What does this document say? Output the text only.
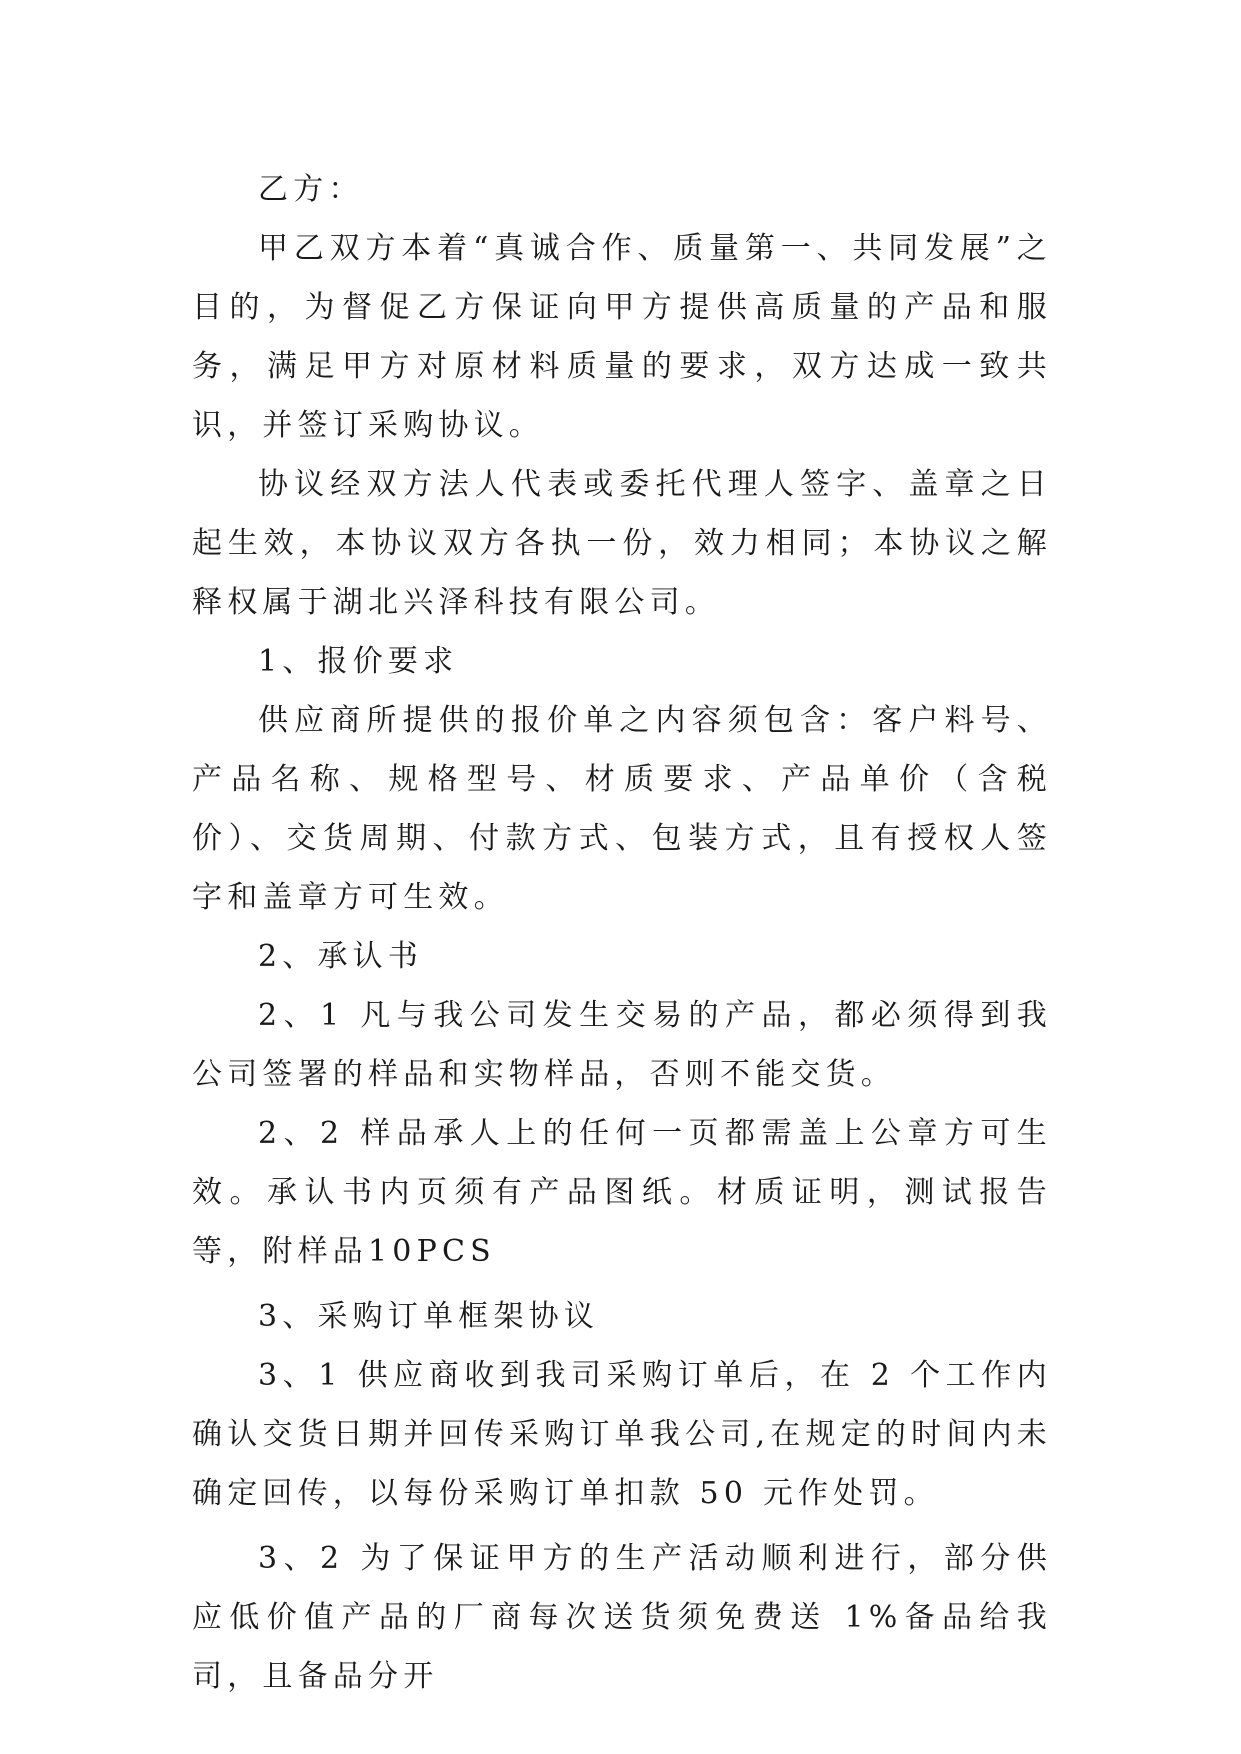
乙方：

甲乙双方本着“真诚合作、质量第一、共同发展”之目的，为督促乙方保证向甲方提供高质量的产品和服务，满足甲方对原材料质量的要求，双方达成一致共识，并签订采购协议。

协议经双方法人代表或委托代理人签字、盖章之日起生效，本协议双方各执一份，效力相同；本协议之解释权属于湖北兴泽科技有限公司。

1、报价要求

供应商所提供的报价单之内容须包含：客户料号、产品名称、规格型号、材质要求、产品单价（含税价）、交货周期、付款方式、包装方式，且有授权人签字和盖章方可生效。

2、承认书

2、1 凡与我公司发生交易的产品，都必须得到我公司签署的样品和实物样品，否则不能交货。

2、2 样品承人上的任何一页都需盖上公章方可生效。承认书内页须有产品图纸。材质证明，测试报告等，附样品10PCS

3、采购订单框架协议

3、1 供应商收到我司采购订单后，在 2 个工作内确认交货日期并回传采购订单我公司,在规定的时间内未确定回传，以每份采购订单扣款 50 元作处罚。

3、2 为了保证甲方的生产活动顺利进行，部分供应低价值产品的厂商每次送货须免费送 1%备品给我司，且备品分开
